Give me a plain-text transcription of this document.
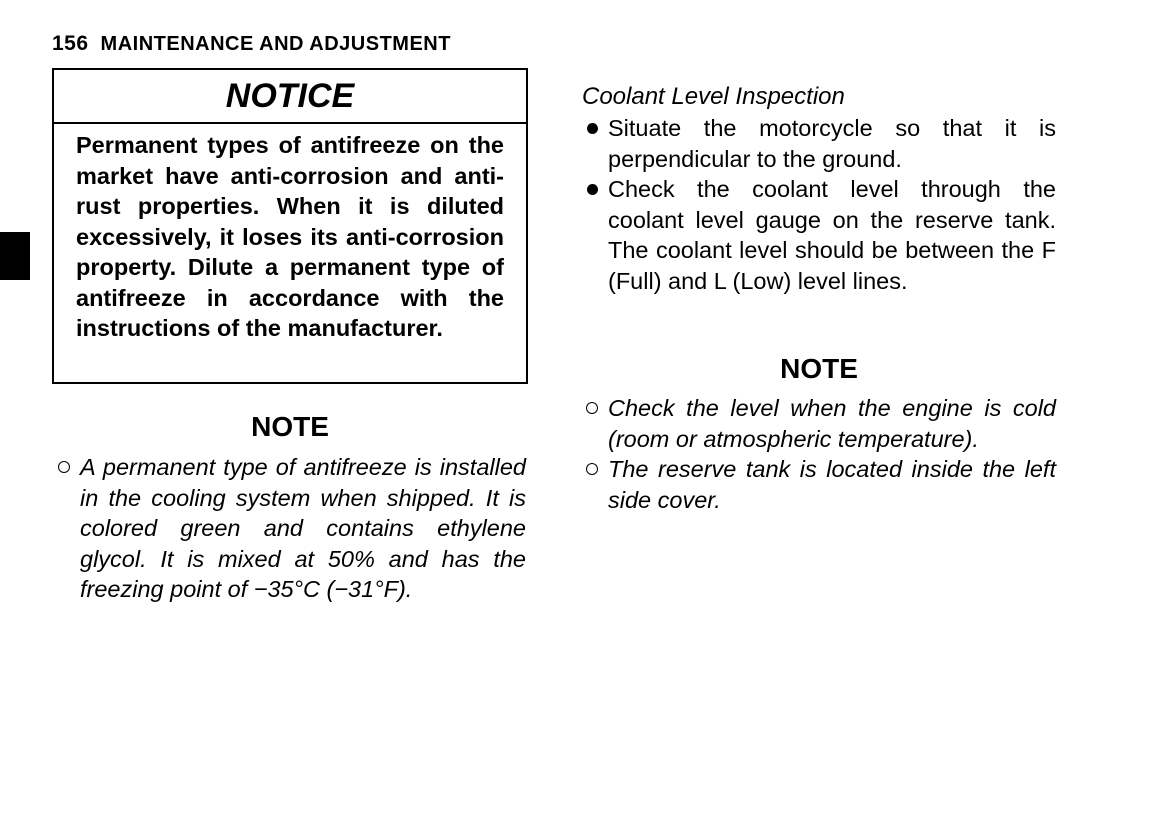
156 MAINTENANCE AND ADJUSTMENT
NOTICE
Permanent types of antifreeze on the market have anti-corrosion and anti-rust properties. When it is diluted excessively, it loses its anti-corrosion property. Dilute a permanent type of antifreeze in accordance with the instructions of the manufacturer.
NOTE
A permanent type of antifreeze is installed in the cooling system when shipped. It is colored green and contains ethylene glycol. It is mixed at 50% and has the freezing point of −35°C (−31°F).
Coolant Level Inspection
Situate the motorcycle so that it is perpendicular to the ground.
Check the coolant level through the coolant level gauge on the reserve tank. The coolant level should be between the F (Full) and L (Low) level lines.
NOTE
Check the level when the engine is cold (room or atmospheric temperature).
The reserve tank is located inside the left side cover.
